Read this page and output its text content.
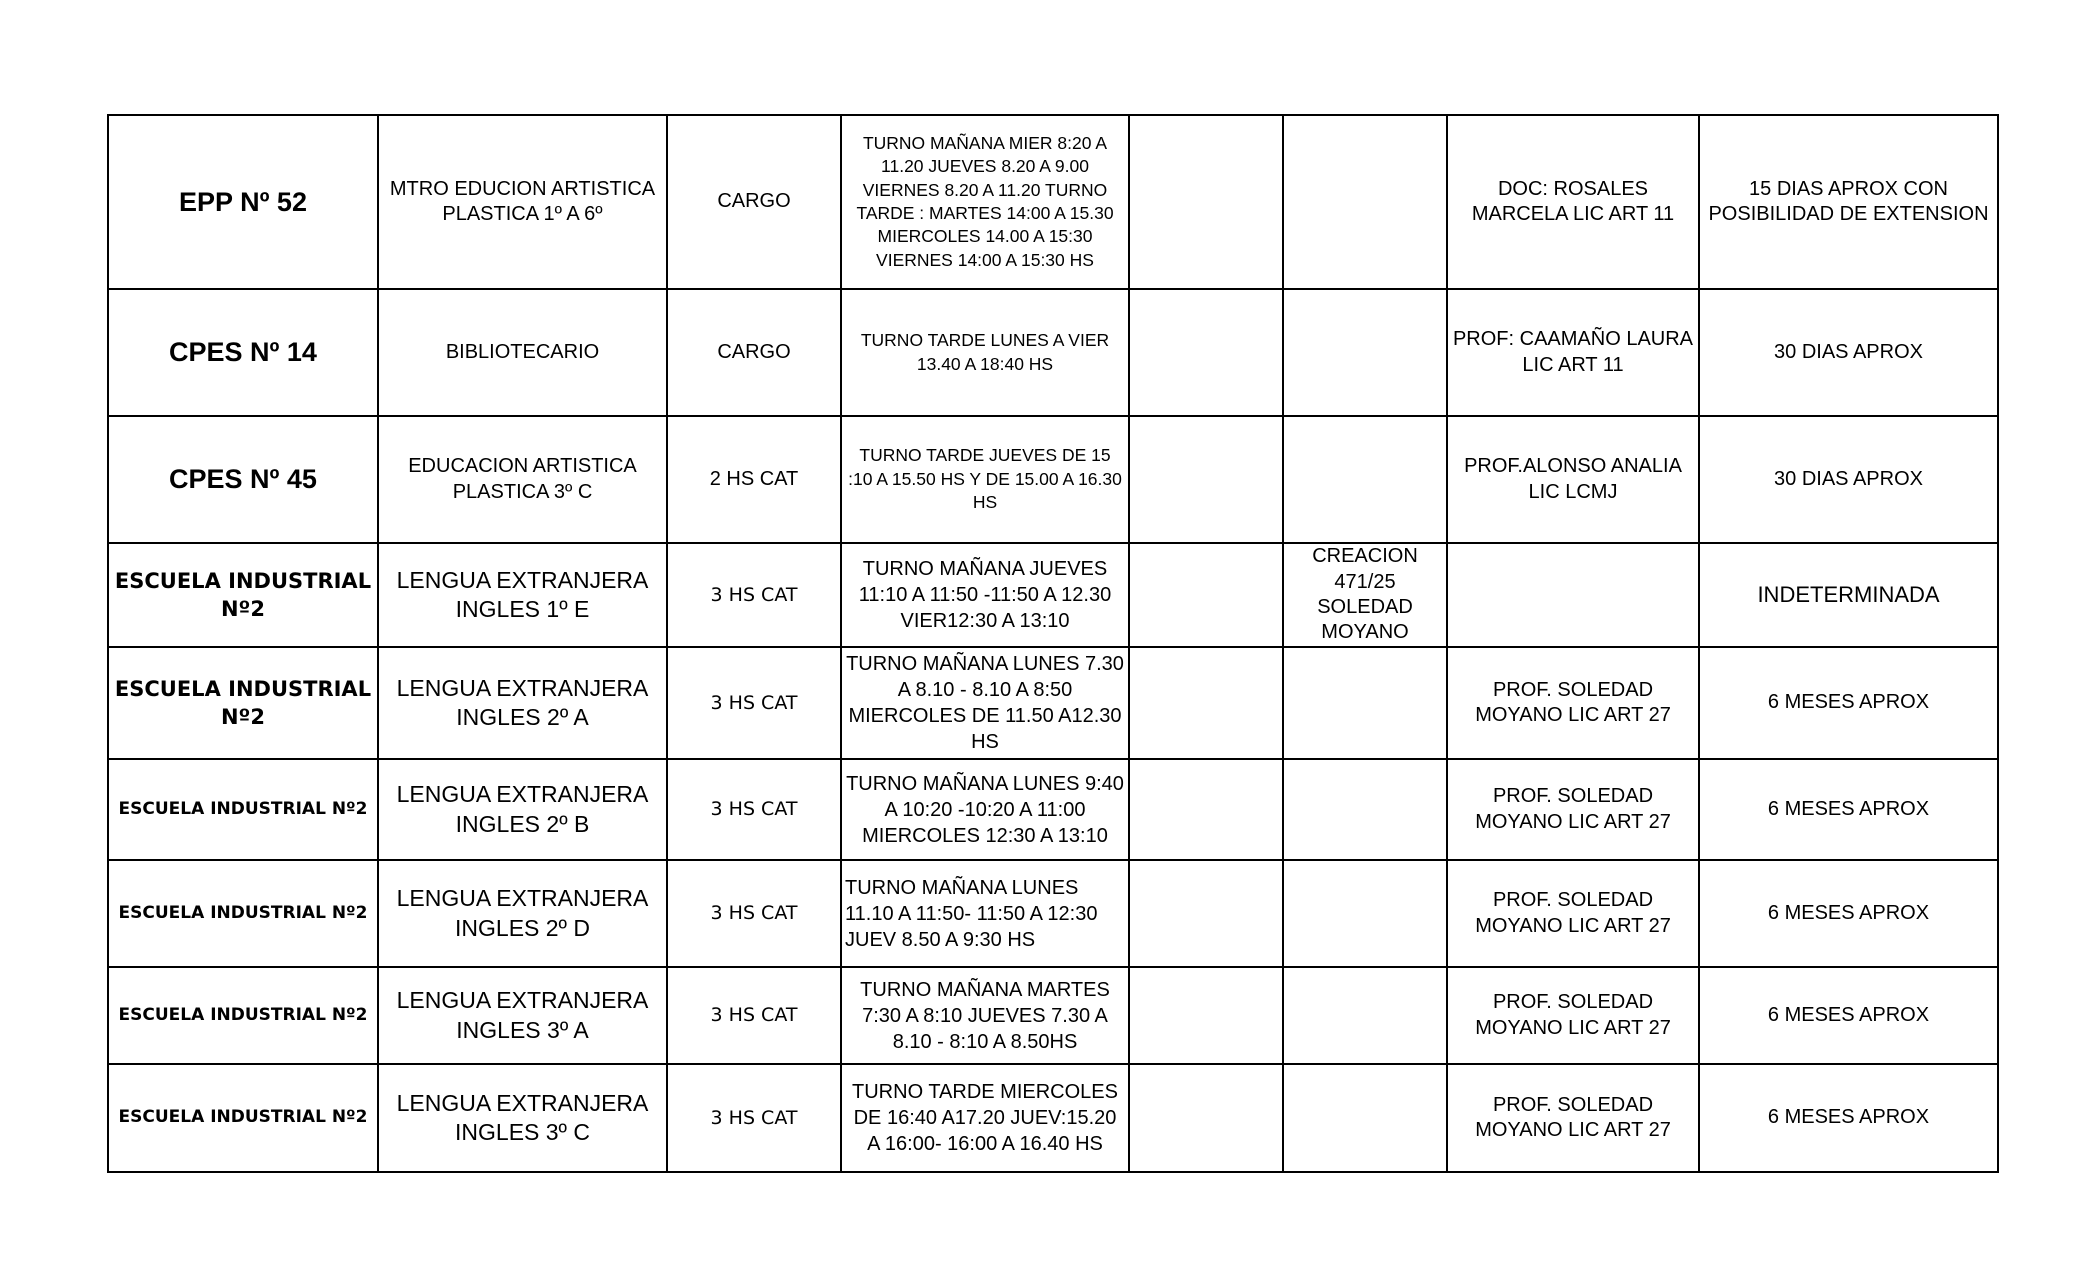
EPP Nº 52	MTRO EDUCION ARTISTICA PLASTICA 1º A 6º	CARGO	TURNO MAÑANA MIER 8:20 A 11.20 JUEVES 8.20 A 9.00 VIERNES 8.20 A 11.20 TURNO TARDE : MARTES 14:00 A 15.30 MIERCOLES 14.00 A 15:30 VIERNES 14:00 A 15:30 HS			DOC: ROSALES MARCELA LIC ART 11	15 DIAS APROX CON POSIBILIDAD DE EXTENSION
CPES Nº 14	BIBLIOTECARIO	CARGO	TURNO TARDE LUNES A VIER 13.40 A 18:40 HS			PROF: CAAMAÑO LAURA LIC ART 11	30 DIAS APROX
CPES Nº 45	EDUCACION ARTISTICA PLASTICA 3º C	2 HS CAT	TURNO TARDE JUEVES DE 15 :10 A 15.50 HS Y DE 15.00 A 16.30 HS			PROF.ALONSO ANALIA LIC LCMJ	30 DIAS APROX
ESCUELA INDUSTRIAL Nº2	LENGUA EXTRANJERA INGLES 1º E	3 HS CAT	TURNO MAÑANA JUEVES 11:10 A 11:50 -11:50 A 12.30 VIER12:30 A 13:10		CREACION 471/25 SOLEDAD MOYANO		INDETERMINADA
ESCUELA INDUSTRIAL Nº2	LENGUA EXTRANJERA INGLES 2º A	3 HS CAT	TURNO MAÑANA LUNES 7.30 A 8.10 - 8.10 A 8:50 MIERCOLES DE 11.50 A12.30 HS			PROF. SOLEDAD MOYANO LIC ART 27	6 MESES APROX
ESCUELA INDUSTRIAL Nº2	LENGUA EXTRANJERA INGLES 2º B	3 HS CAT	TURNO MAÑANA LUNES 9:40 A 10:20 -10:20 A 11:00 MIERCOLES 12:30 A 13:10			PROF. SOLEDAD MOYANO LIC ART 27	6 MESES APROX
ESCUELA INDUSTRIAL Nº2	LENGUA EXTRANJERA INGLES 2º D	3 HS CAT	TURNO MAÑANA LUNES 11.10 A 11:50- 11:50 A 12:30 JUEV 8.50 A 9:30 HS			PROF. SOLEDAD MOYANO LIC ART 27	6 MESES APROX
ESCUELA INDUSTRIAL Nº2	LENGUA EXTRANJERA INGLES 3º A	3 HS CAT	TURNO MAÑANA MARTES 7:30 A 8:10 JUEVES 7.30 A 8.10 - 8:10 A 8.50HS			PROF. SOLEDAD MOYANO LIC ART 27	6 MESES APROX
ESCUELA INDUSTRIAL Nº2	LENGUA EXTRANJERA INGLES 3º C	3 HS CAT	TURNO TARDE MIERCOLES DE 16:40 A17.20 JUEV:15.20 A 16:00- 16:00 A 16.40 HS			PROF. SOLEDAD MOYANO LIC ART 27	6 MESES APROX
